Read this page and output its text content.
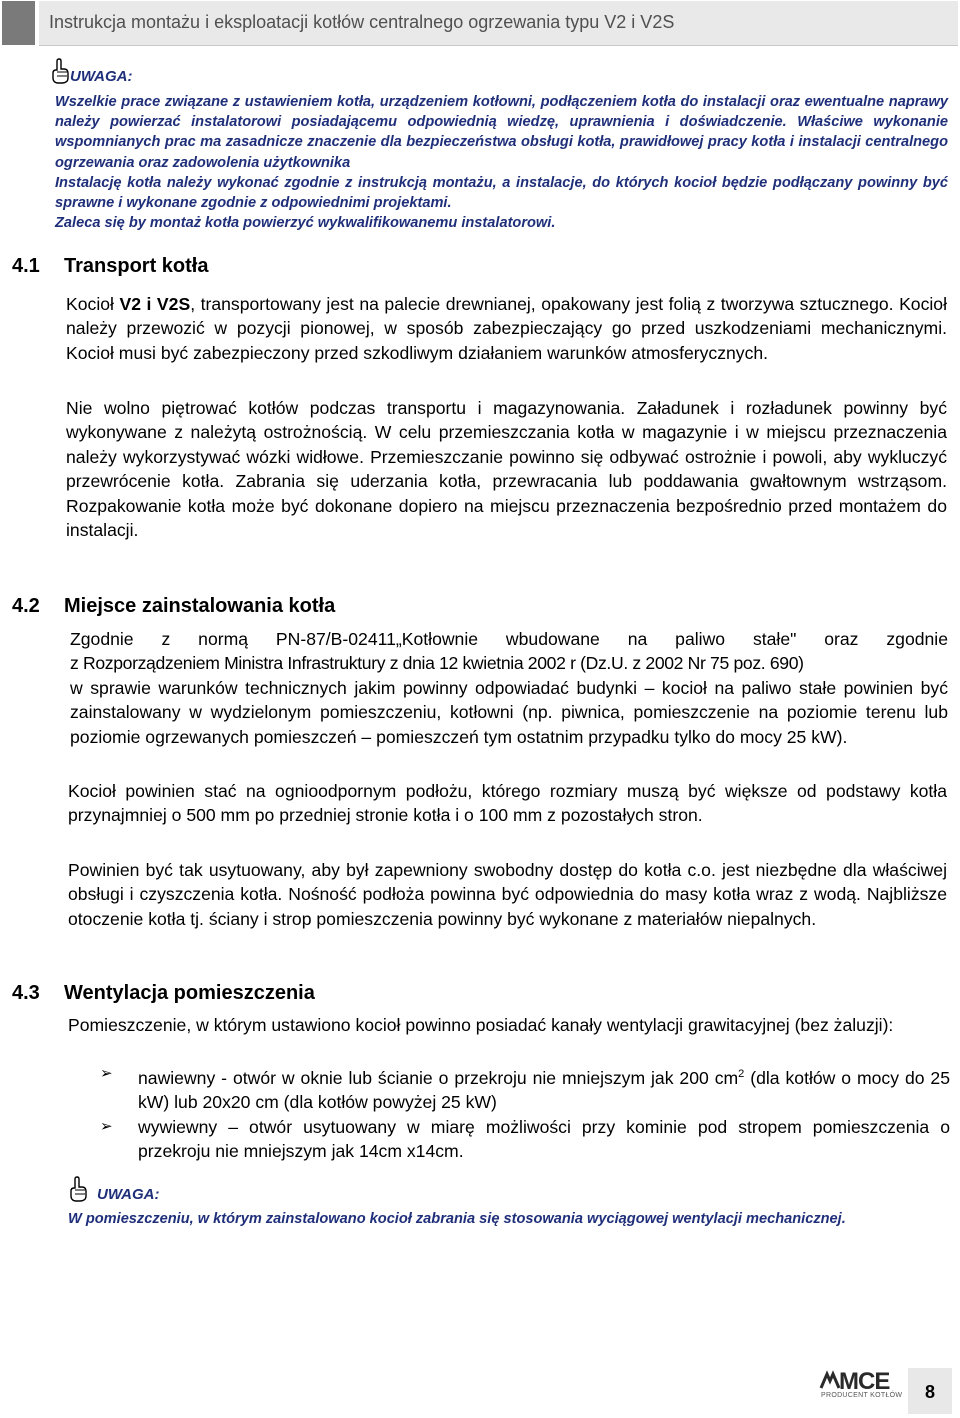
Instrukcja montażu i eksploatacji kotłów centralnego ogrzewania typu V2 i V2S
UWAGA:
Wszelkie prace związane z ustawieniem kotła, urządzeniem kotłowni, podłączeniem kotła do instalacji oraz ewentualne naprawy należy powierzać instalatorowi posiadającemu odpowiednią wiedzę, uprawnienia i doświadczenie. Właściwe wykonanie wspomnianych prac ma zasadnicze znaczenie dla bezpieczeństwa obsługi kotła, prawidłowej pracy kotła i instalacji centralnego ogrzewania oraz zadowolenia użytkownika
Instalację kotła należy wykonać zgodnie z instrukcją montażu, a instalacje, do których kocioł będzie podłączany powinny być sprawne i wykonane zgodnie z odpowiednimi projektami.
Zaleca się by montaż kotła powierzyć wykwalifikowanemu instalatorowi.
4.1 Transport kotła
Kocioł V2 i V2S, transportowany jest na palecie drewnianej, opakowany jest folią z tworzywa sztucznego. Kocioł należy przewozić w pozycji pionowej, w sposób zabezpieczający go przed uszkodzeniami mechanicznymi. Kocioł musi być zabezpieczony przed szkodliwym działaniem warunków atmosferycznych.
Nie wolno piętrować kotłów podczas transportu i magazynowania. Załadunek i rozładunek powinny być wykonywane z należytą ostrożnością. W celu przemieszczania kotła w magazynie i w miejscu przeznaczenia należy wykorzystywać wózki widłowe. Przemieszczanie powinno się odbywać ostrożnie i powoli, aby wykluczyć przewrócenie kotła. Zabrania się uderzania kotła, przewracania lub poddawania gwałtownym wstrząsom. Rozpakowanie kotła może być dokonane dopiero na miejscu przeznaczenia bezpośrednio przed montażem do instalacji.
4.2 Miejsce zainstalowania kotła
Zgodnie z normą PN-87/B-02411„Kotłownie wbudowane na paliwo stałe" oraz zgodnie
z Rozporządzeniem Ministra Infrastruktury z dnia 12 kwietnia 2002 r (Dz.U. z 2002 Nr 75 poz. 690)
w sprawie warunków technicznych jakim powinny odpowiadać budynki – kocioł na paliwo stałe powinien być zainstalowany w wydzielonym pomieszczeniu, kotłowni (np. piwnica, pomieszczenie na poziomie terenu lub poziomie ogrzewanych pomieszczeń – pomieszczeń tym ostatnim przypadku tylko do mocy 25 kW).
Kocioł powinien stać na ognioodpornym podłożu, którego rozmiary muszą być większe od podstawy kotła przynajmniej o 500 mm po przedniej stronie kotła i o 100 mm z pozostałych stron.
Powinien być tak usytuowany, aby był zapewniony swobodny dostęp do kotła c.o. jest niezbędne dla właściwej obsługi i czyszczenia kotła. Nośność podłoża powinna być odpowiednia do masy kotła wraz z wodą. Najbliższe otoczenie kotła tj. ściany i strop pomieszczenia powinny być wykonane z materiałów niepalnych.
4.3 Wentylacja pomieszczenia
Pomieszczenie, w którym ustawiono kocioł powinno posiadać kanały wentylacji grawitacyjnej (bez żaluzji):
➢ nawiewny - otwór w oknie lub ścianie o przekroju nie mniejszym jak 200 $cm^2$ (dla kotłów o mocy do 25 kW) lub 20x20 cm (dla kotłów powyżej 25 kW)
➢ wywiewny – otwór usytuowany w miarę możliwości przy kominie pod stropem pomieszczenia o przekroju nie mniejszym jak 14cm x14cm.
UWAGA:
W pomieszczeniu, w którym zainstalowano kocioł zabrania się stosowania wyciągowej wentylacji mechanicznej.
MCE
PRODUCENT KOTŁÓW	8
